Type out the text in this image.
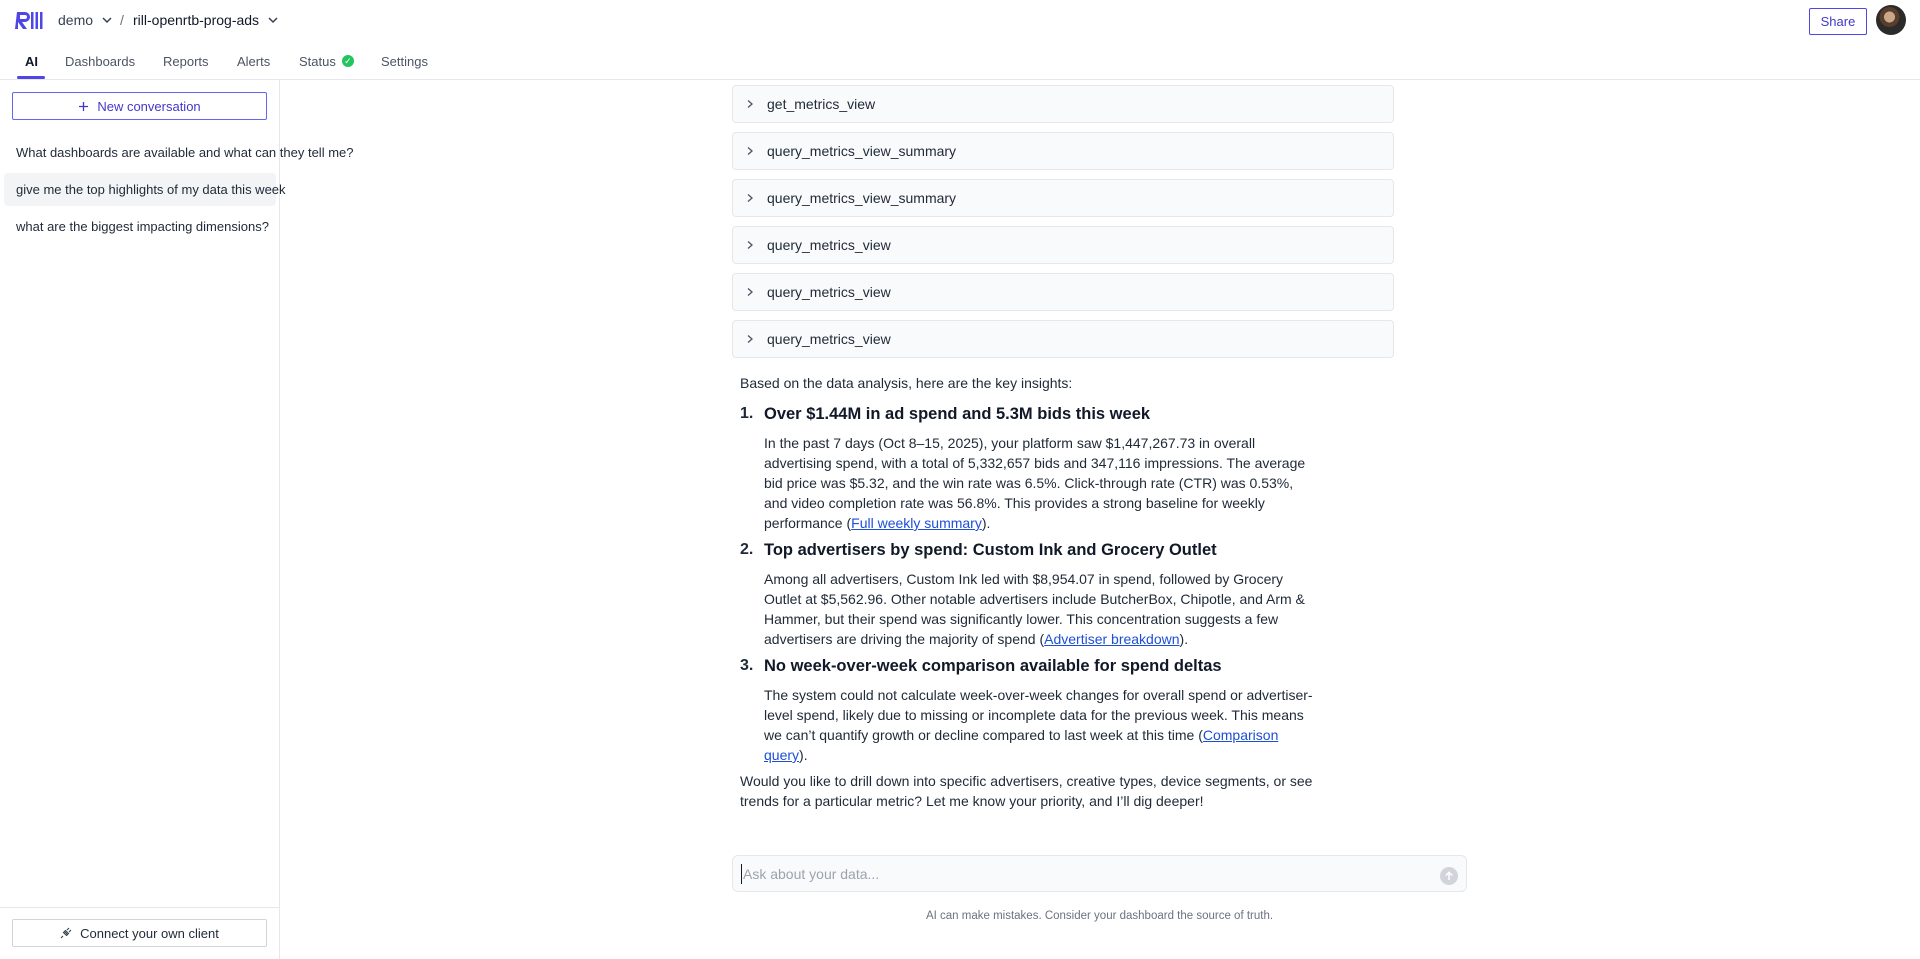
demo / rill-openrtb-prog-ads	Share
AI Dashboards Reports Alerts Status ✓ Settings
New conversation
What dashboards are available and what can they tell me?
give me the top highlights of my data this week
what are the biggest impacting dimensions?
Connect your own client
get_metrics_view
query_metrics_view_summary
query_metrics_view_summary
query_metrics_view
query_metrics_view
query_metrics_view

Based on the data analysis, here are the key insights:

1. Over $1.44M in ad spend and 5.3M bids this week
In the past 7 days (Oct 8–15, 2025), your platform saw $1,447,267.73 in overall advertising spend, with a total of 5,332,657 bids and 347,116 impressions. The average bid price was $5.32, and the win rate was 6.5%. Click-through rate (CTR) was 0.53%, and video completion rate was 56.8%. This provides a strong baseline for weekly performance (Full weekly summary).
2. Top advertisers by spend: Custom Ink and Grocery Outlet
Among all advertisers, Custom Ink led with $8,954.07 in spend, followed by Grocery Outlet at $5,562.96. Other notable advertisers include ButcherBox, Chipotle, and Arm & Hammer, but their spend was significantly lower. This concentration suggests a few advertisers are driving the majority of spend (Advertiser breakdown).
3. No week-over-week comparison available for spend deltas
The system could not calculate week-over-week changes for overall spend or advertiser-level spend, likely due to missing or incomplete data for the previous week. This means we can’t quantify growth or decline compared to last week at this time (Comparison query).

Would you like to drill down into specific advertisers, creative types, device segments, or see trends for a particular metric? Let me know your priority, and I’ll dig deeper!

Ask about your data...
AI can make mistakes. Consider your dashboard the source of truth.
